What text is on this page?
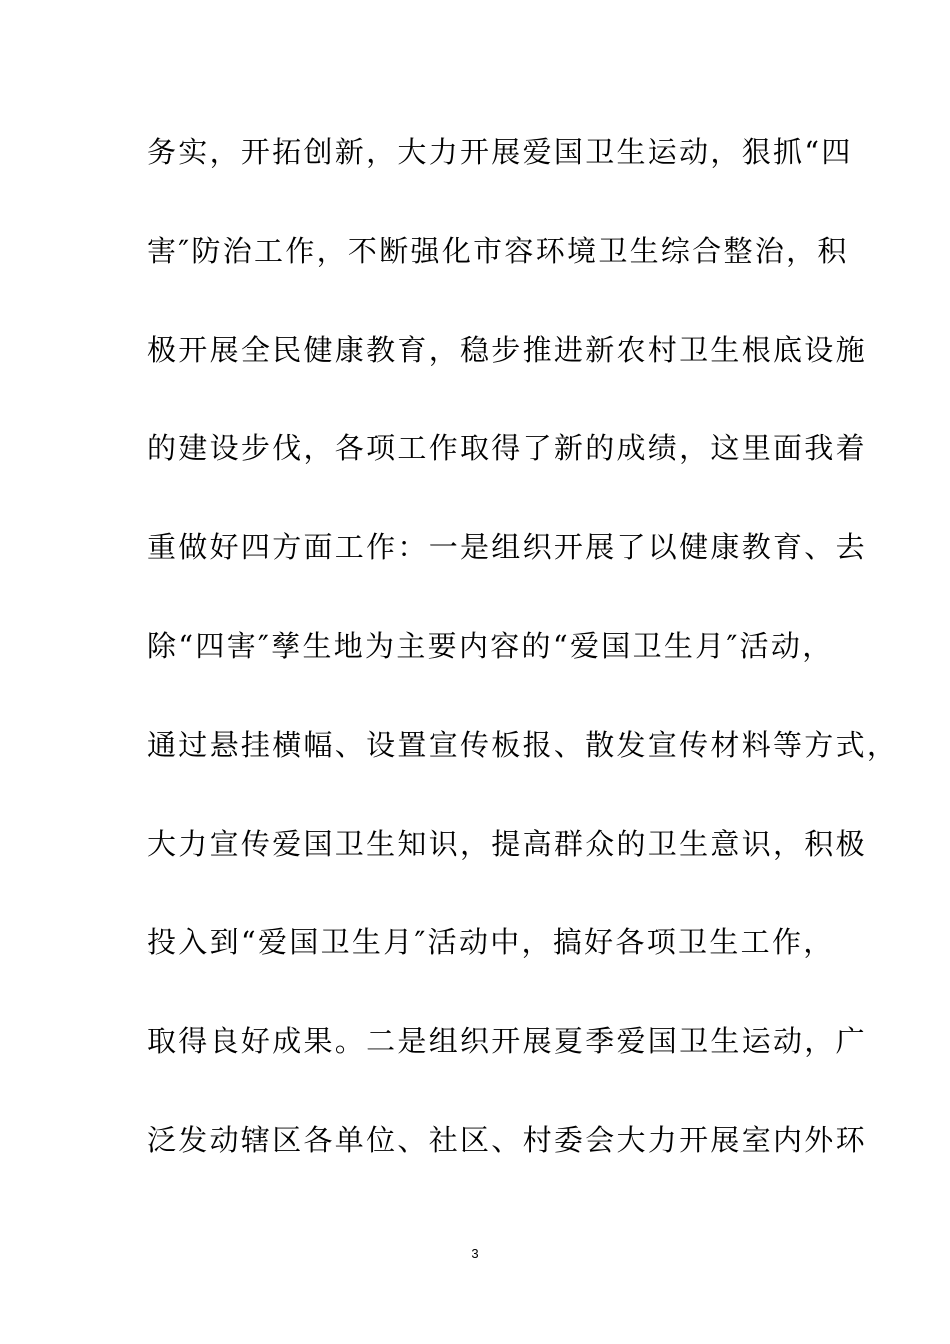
务实，开拓创新，大力开展爱国卫生运动，狠抓“四
害″防治工作，不断强化市容环境卫生综合整治，积
极开展全民健康教育，稳步推进新农村卫生根底设施
的建设步伐，各项工作取得了新的成绩，这里面我着
重做好四方面工作：一是组织开展了以健康教育、去
除“四害″孳生地为主要内容的“爱国卫生月″活动，
通过悬挂横幅、设置宣传板报、散发宣传材料等方式，
大力宣传爱国卫生知识，提高群众的卫生意识，积极
投入到“爱国卫生月″活动中，搞好各项卫生工作，
取得良好成果。二是组织开展夏季爱国卫生运动，广
泛发动辖区各单位、社区、村委会大力开展室内外环
3
